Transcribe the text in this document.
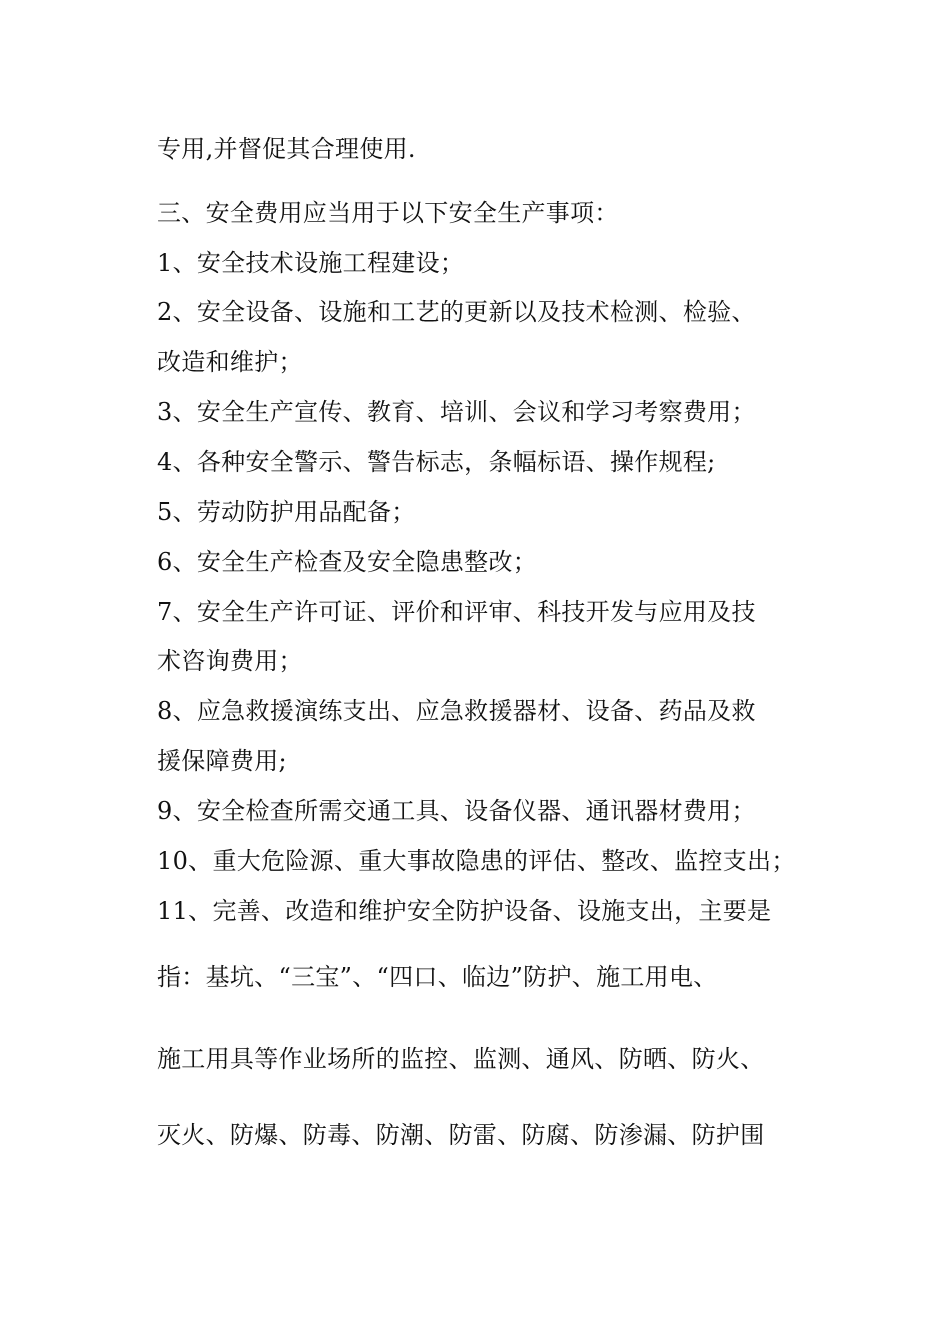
专用,并督促其合理使用.
三、安全费用应当用于以下安全生产事项：
1、安全技术设施工程建设；
2、安全设备、设施和工艺的更新以及技术检测、检验、
改造和维护；
3、安全生产宣传、教育、培训、会议和学习考察费用；
4、各种安全警示、警告标志，条幅标语、操作规程;
5、劳动防护用品配备；
6、安全生产检查及安全隐患整改；
7、安全生产许可证、评价和评审、科技开发与应用及技
术咨询费用；
8、应急救援演练支出、应急救援器材、设备、药品及救
援保障费用;
9、安全检查所需交通工具、设备仪器、通讯器材费用；
10、重大危险源、重大事故隐患的评估、整改、监控支出；
11、完善、改造和维护安全防护设备、设施支出，主要是
指：基坑、“三宝”、“四口、临边”防护、施工用电、
施工用具等作业场所的监控、监测、通风、防晒、防火、
灭火、防爆、防毒、防潮、防雷、防腐、防渗漏、防护围
